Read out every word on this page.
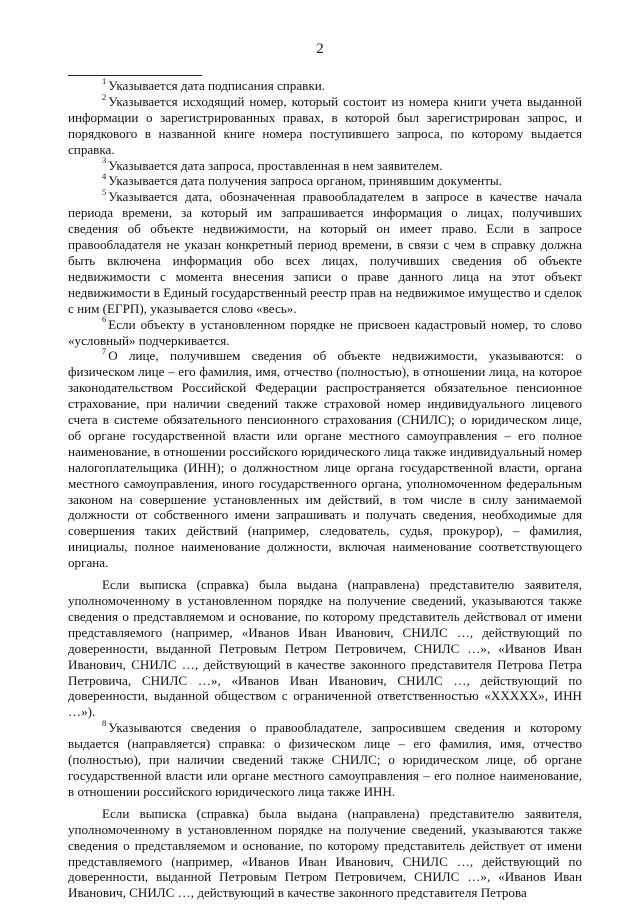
2

$^1$ Указывается дата подписания справки.

$^2$ Указывается исходящий номер, который состоит из номера книги учета выданной информации о зарегистрированных правах, в которой был зарегистрирован запрос, и порядкового в названной книге номера поступившего запроса, по которому выдается справка.

$^3$ Указывается дата запроса, проставленная в нем заявителем.

$^4$ Указывается дата получения запроса органом, принявшим документы.

$^5$ Указывается дата, обозначенная правообладателем в запросе в качестве начала периода времени, за который им запрашивается информация о лицах, получивших сведения об объекте недвижимости, на который он имеет право. Если в запросе правообладателя не указан конкретный период времени, в связи с чем в справку должна быть включена информация обо всех лицах, получивших сведения об объекте недвижимости с момента внесения записи о праве данного лица на этот объект недвижимости в Единый государственный реестр прав на недвижимое имущество и сделок с ним (ЕГРП), указывается слово «весь».

$^6$ Если объекту в установленном порядке не присвоен кадастровый номер, то слово «условный» подчеркивается.

$^7$ О лице, получившем сведения об объекте недвижимости, указываются: о физическом лице – его фамилия, имя, отчество (полностью), в отношении лица, на которое законодательством Российской Федерации распространяется обязательное пенсионное страхование, при наличии сведений также страховой номер индивидуального лицевого счета в системе обязательного пенсионного страхования (СНИЛС); о юридическом лице, об органе государственной власти или органе местного самоуправления – его полное наименование, в отношении российского юридического лица также индивидуальный номер налогоплательщика (ИНН); о должностном лице органа государственной власти, органа местного самоуправления, иного государственного органа, уполномоченном федеральным законом на совершение установленных им действий, в том числе в силу занимаемой должности от собственного имени запрашивать и получать сведения, необходимые для совершения таких действий (например, следователь, судья, прокурор), – фамилия, инициалы, полное наименование должности, включая наименование соответствующего органа.

Если выписка (справка) была выдана (направлена) представителю заявителя, уполномоченному в установленном порядке на получение сведений, указываются также сведения о представляемом и основание, по которому представитель действовал от имени представляемого (например, «Иванов Иван Иванович, СНИЛС …, действующий по доверенности, выданной Петровым Петром Петровичем, СНИЛС …», «Иванов Иван Иванович, СНИЛС …, действующий в качестве законного представителя Петрова Петра Петровича, СНИЛС …», «Иванов Иван Иванович, СНИЛС …, действующий по доверенности, выданной обществом с ограниченной ответственностью «ХХХХХ», ИНН …»).

$^8$ Указываются сведения о правообладателе, запросившем сведения и которому выдается (направляется) справка: о физическом лице – его фамилия, имя, отчество (полностью), при наличии сведений также СНИЛС; о юридическом лице, об органе государственной власти или органе местного самоуправления – его полное наименование, в отношении российского юридического лица также ИНН.

Если выписка (справка) была выдана (направлена) представителю заявителя, уполномоченному в установленном порядке на получение сведений, указываются также сведения о представляемом и основание, по которому представитель действует от имени представляемого (например, «Иванов Иван Иванович, СНИЛС …, действующий по доверенности, выданной Петровым Петром Петровичем, СНИЛС …», «Иванов Иван Иванович, СНИЛС …, действующий в качестве законного представителя Петрова
